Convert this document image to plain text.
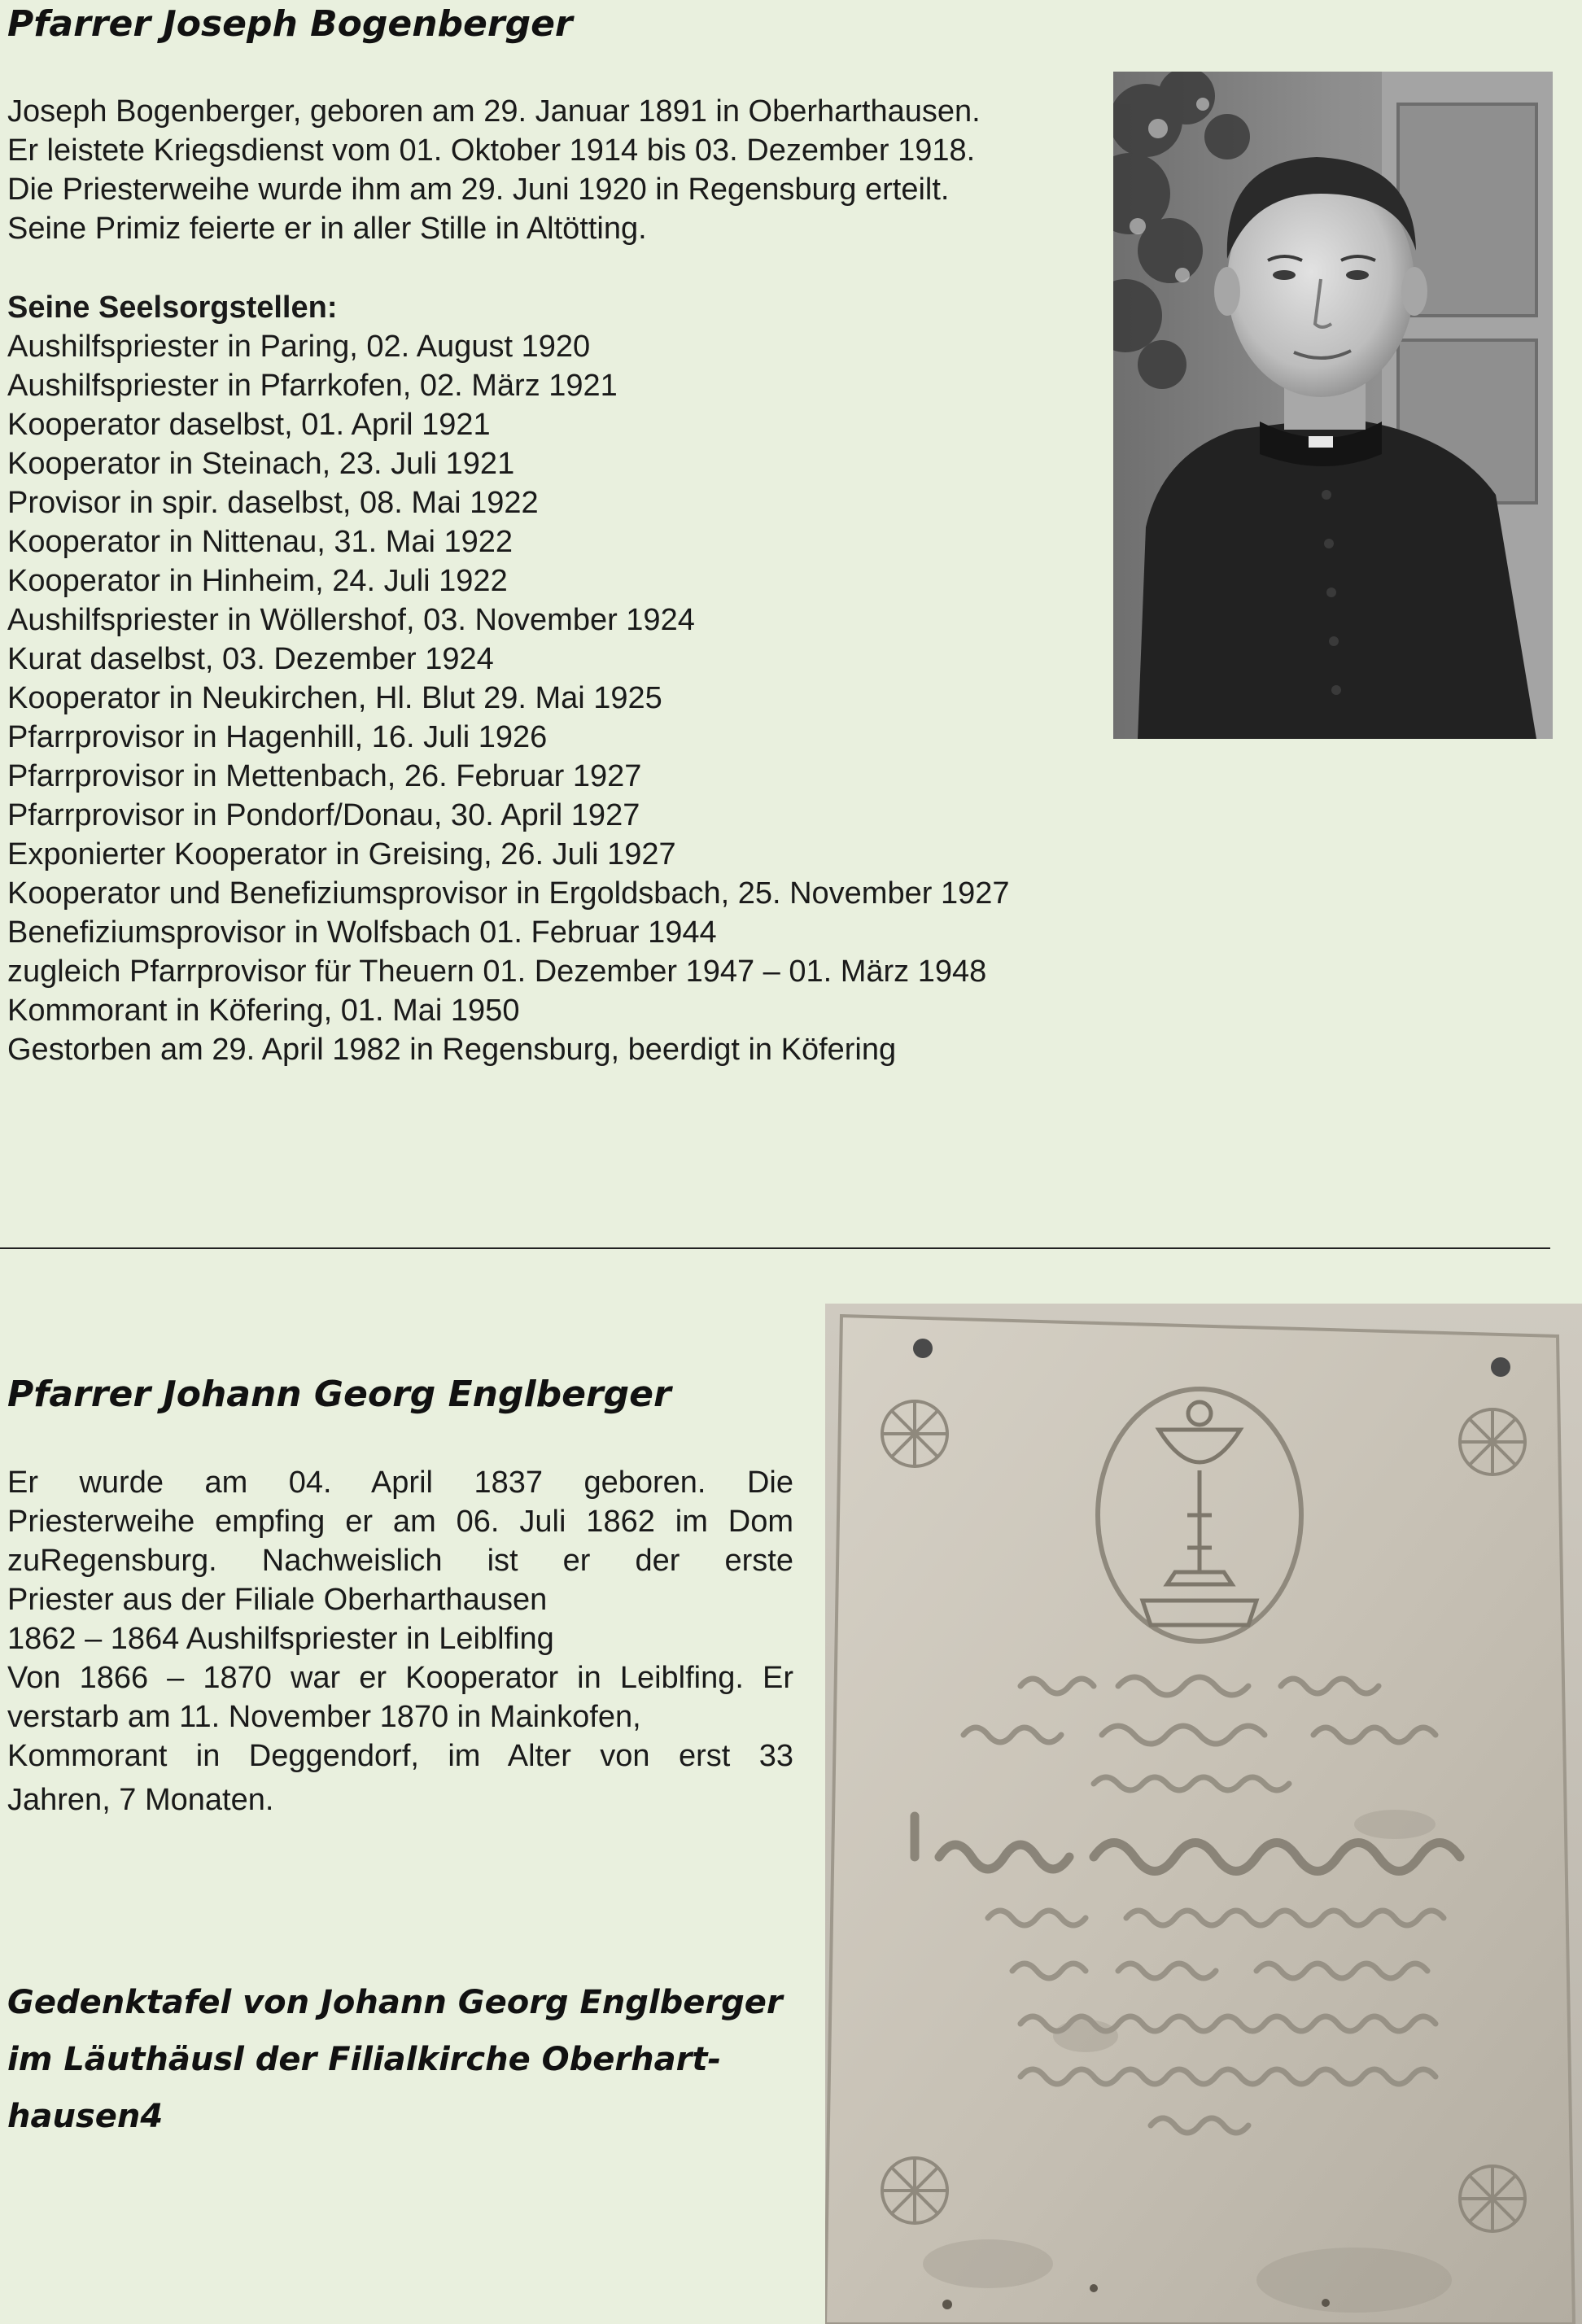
Pfarrer Joseph Bogenberger
Joseph Bogenberger, geboren am 29. Januar 1891 in Oberharthausen.
Er leistete Kriegsdienst vom 01. Oktober 1914 bis 03. Dezember 1918.
Die Priesterweihe wurde ihm am 29. Juni 1920 in Regensburg erteilt.
Seine Primiz feierte er in aller Stille in Altötting.
Seine Seelsorgstellen:
Aushilfspriester in Paring, 02. August 1920
Aushilfspriester in Pfarrkofen, 02. März 1921
Kooperator daselbst, 01. April 1921
Kooperator in Steinach, 23. Juli 1921
Provisor in spir. daselbst, 08. Mai 1922
Kooperator in Nittenau, 31. Mai 1922
Kooperator in Hinheim, 24. Juli 1922
Aushilfspriester in Wöllershof, 03. November 1924
Kurat daselbst, 03. Dezember 1924
Kooperator in Neukirchen, Hl. Blut 29. Mai 1925
Pfarrprovisor in Hagenhill, 16. Juli 1926
Pfarrprovisor in Mettenbach, 26. Februar 1927
Pfarrprovisor in Pondorf/Donau, 30. April 1927
Exponierter Kooperator in Greising, 26. Juli 1927
Kooperator und Benefiziumsprovisor in Ergoldsbach, 25. November 1927
Benefiziumsprovisor in Wolfsbach 01. Februar 1944
zugleich Pfarrprovisor für Theuern 01. Dezember 1947 – 01. März 1948
Kommorant in Köfering, 01. Mai 1950
Gestorben am 29. April 1982 in Regensburg, beerdigt in Köfering
Pfarrer Johann Georg Englberger
Er wurde am 04. April 1837 geboren. Die
Priesterweihe empfing er am 06. Juli 1862 im Dom
zuRegensburg. Nachweislich ist er der erste
Priester aus der Filiale Oberharthausen
1862 – 1864 Aushilfspriester in Leiblfing
Von 1866 – 1870 war er Kooperator in Leiblfing. Er
verstarb am 11. November 1870 in Mainkofen,
Kommorant in Deggendorf, im Alter von erst 33
Jahren, 7 Monaten.
Gedenktafel von Johann Georg Englberger
im Läuthäusl der Filialkirche Oberhart-
hausen4
